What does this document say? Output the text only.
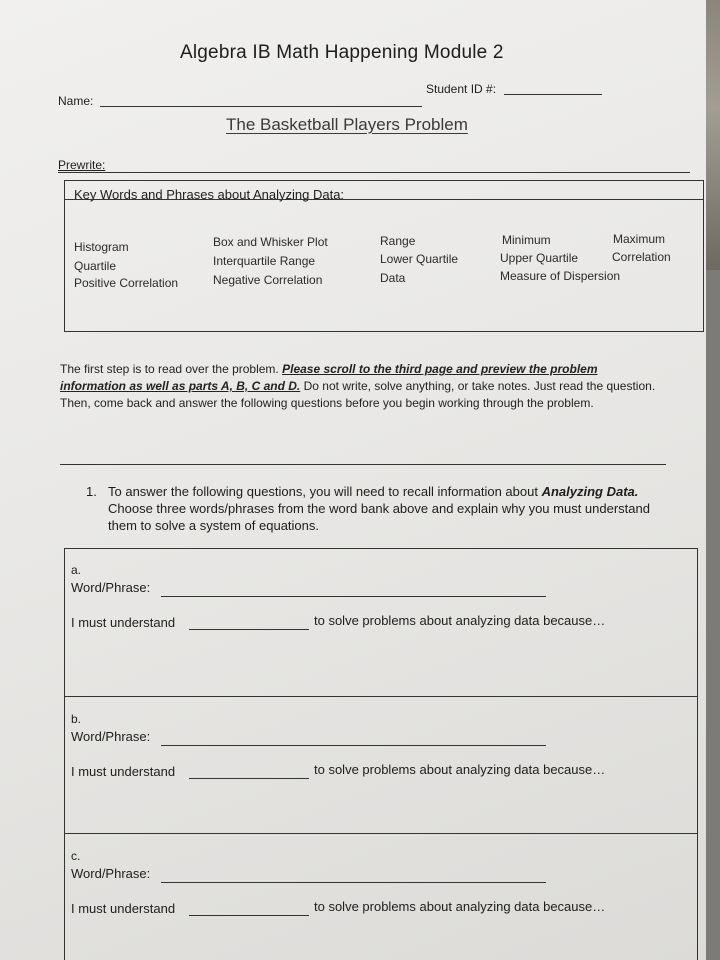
Algebra IB Math Happening Module 2
Student ID #:
Name:
The Basketball Players Problem
Prewrite:
Key Words and Phrases about Analyzing Data:
Histogram
Quartile
Positive Correlation
Box and Whisker Plot
Interquartile Range
Negative Correlation
Range
Lower Quartile
Data
Minimum
Upper Quartile
Measure of Dispersion
Maximum
Correlation
The first step is to read over the problem. Please scroll to the third page and preview the problem information as well as parts A, B, C and D. Do not write, solve anything, or take notes. Just read the question. Then, come back and answer the following questions before you begin working through the problem.
1. To answer the following questions, you will need to recall information about Analyzing Data. Choose three words/phrases from the word bank above and explain why you must understand them to solve a system of equations.
a.
Word/Phrase:
I must understand	to solve problems about analyzing data because…
b.
Word/Phrase:
I must understand	to solve problems about analyzing data because…
c.
Word/Phrase:
I must understand	to solve problems about analyzing data because…
